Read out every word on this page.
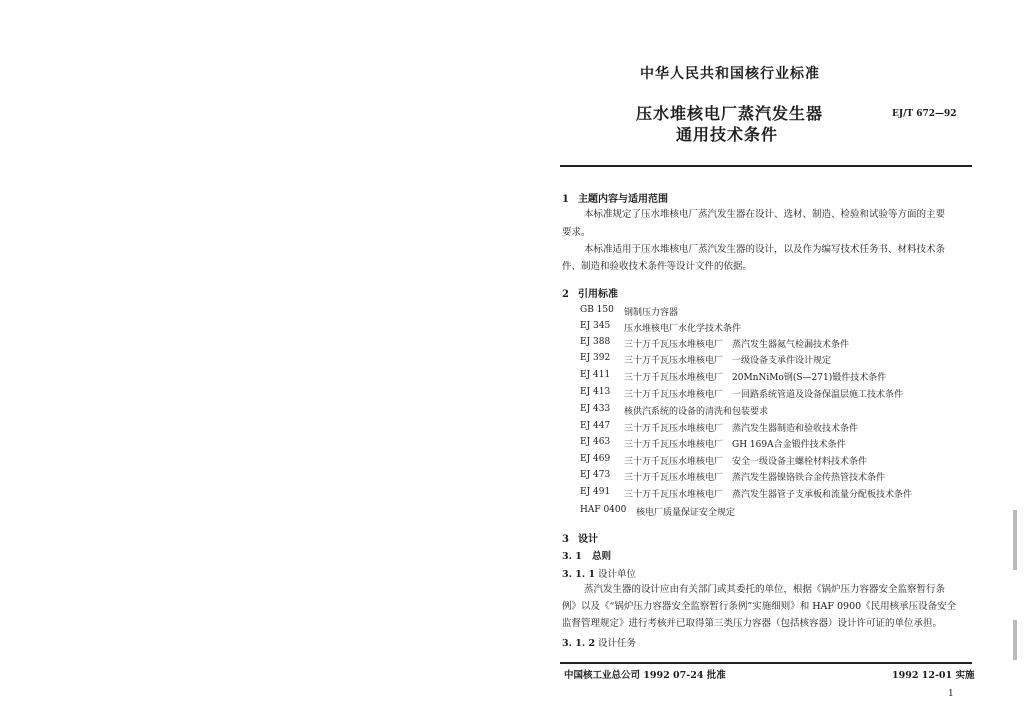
中华人民共和国核行业标准
压水堆核电厂蒸汽发生器
通用技术条件
EJ/T 672—92
1 主题内容与适用范围
本标准规定了压水堆核电厂蒸汽发生器在设计、选材、制造、检验和试验等方面的主要
要求。
本标准适用于压水堆核电厂蒸汽发生器的设计，以及作为编写技术任务书、材料技术条
件、制造和验收技术条件等设计文件的依据。
2 引用标准
GB 150 钢制压力容器
EJ 345 压水堆核电厂水化学技术条件
EJ 388 三十万千瓦压水堆核电厂　蒸汽发生器氦气检漏技术条件
EJ 392 三十万千瓦压水堆核电厂　一级设备支承件设计规定
EJ 411 三十万千瓦压水堆核电厂　20MnNiMo钢(S—271)锻件技术条件
EJ 413 三十万千瓦压水堆核电厂　一回路系统管道及设备保温层施工技术条件
EJ 433 核供汽系统的设备的清洗和包装要求
EJ 447 三十万千瓦压水堆核电厂　蒸汽发生器制造和验收技术条件
EJ 463 三十万千瓦压水堆核电厂　GH 169A合金锻件技术条件
EJ 469 三十万千瓦压水堆核电厂　安全一级设备主螺栓材料技术条件
EJ 473 三十万千瓦压水堆核电厂　蒸汽发生器镍铬铁合金传热管技术条件
EJ 491 三十万千瓦压水堆核电厂　蒸汽发生器管子支承板和流量分配板技术条件
HAF 0400 核电厂质量保证安全规定
3 设计
3. 1 总则
3. 1. 1 设计单位
蒸汽发生器的设计应由有关部门或其委托的单位，根据《锅炉压力容器安全监察暂行条
例》以及《“锅炉压力容器安全监察暂行条例”实施细则》和 HAF 0900《民用核承压设备安全
监督管理规定》进行考核并已取得第三类压力容器（包括核容器）设计许可证的单位承担。
3. 1. 2 设计任务
中国核工业总公司 1992 07-24 批准	1992 12-01 实施
1
